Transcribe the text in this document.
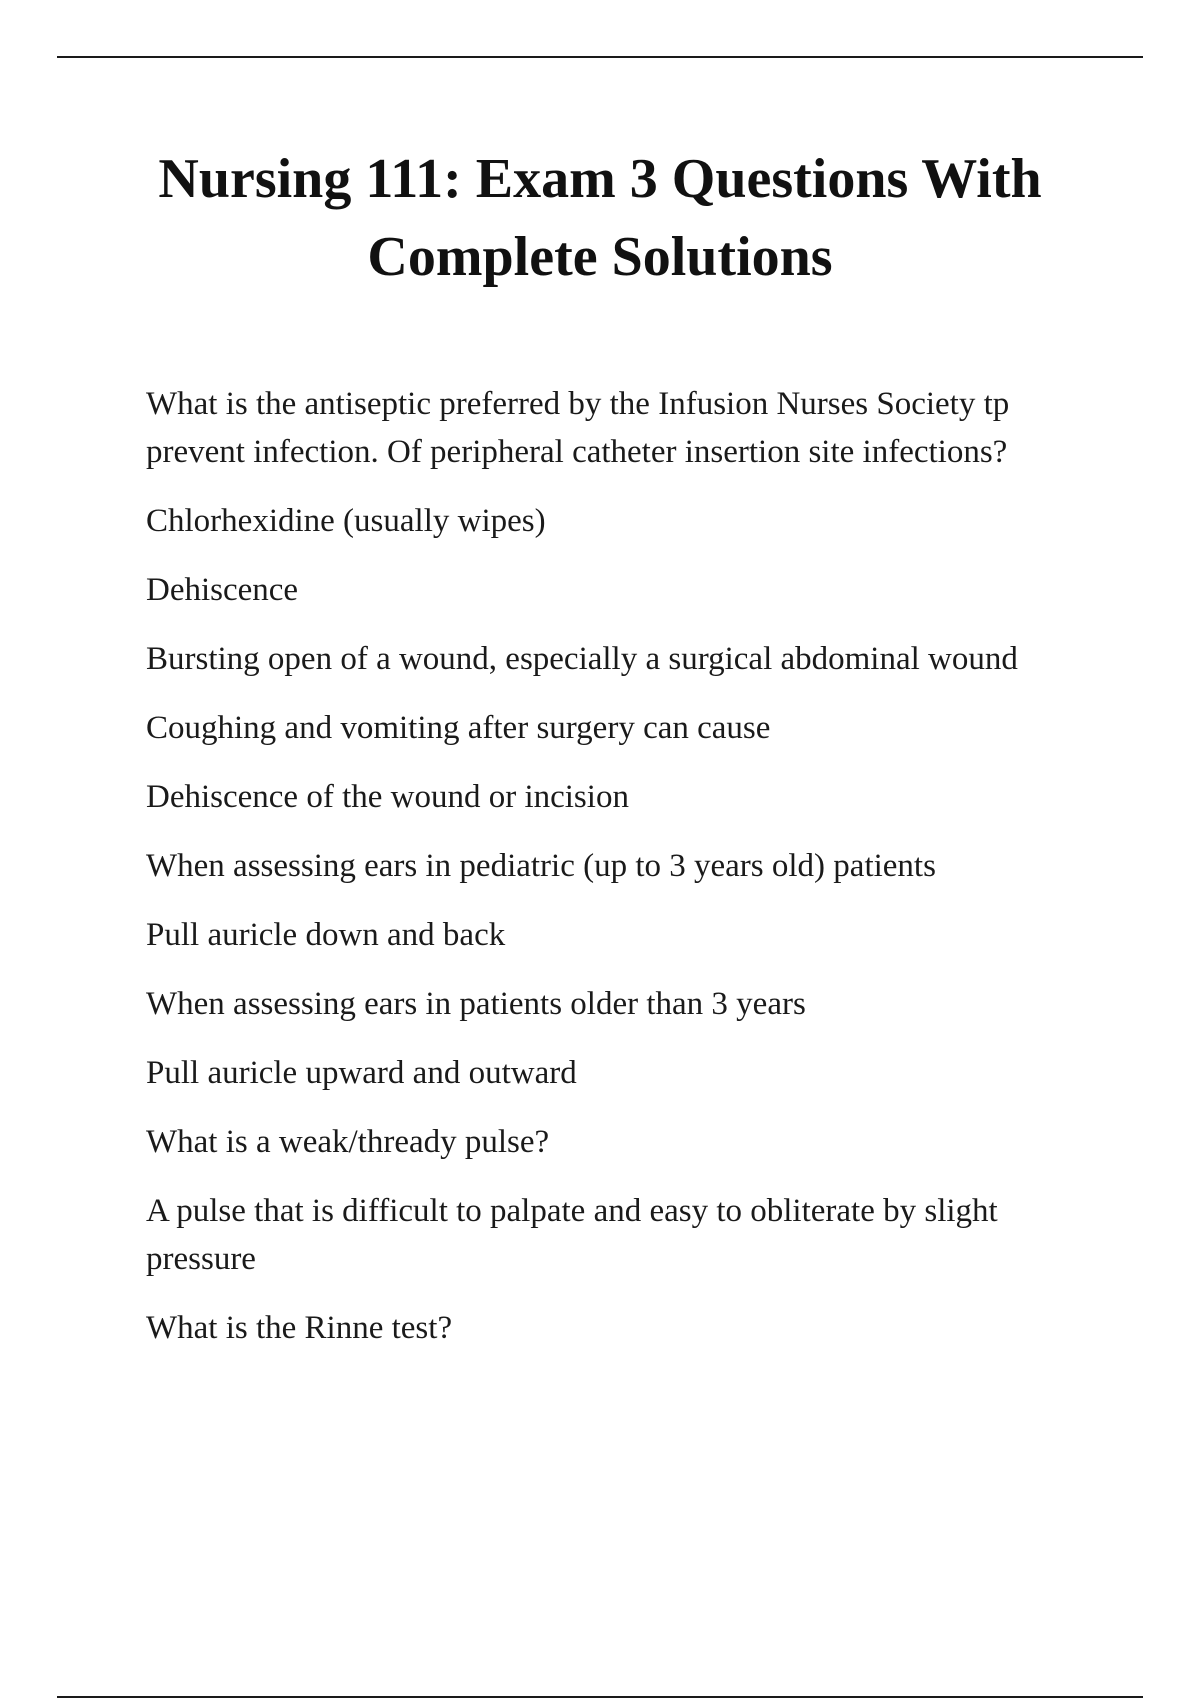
Nursing 111: Exam 3 Questions With
Complete Solutions

What is the antiseptic preferred by the Infusion Nurses Society tp prevent infection. Of peripheral catheter insertion site infections?

Chlorhexidine (usually wipes)

Dehiscence

Bursting open of a wound, especially a surgical abdominal wound

Coughing and vomiting after surgery can cause

Dehiscence of the wound or incision

When assessing ears in pediatric (up to 3 years old) patients

Pull auricle down and back

When assessing ears in patients older than 3 years

Pull auricle upward and outward

What is a weak/thready pulse?

A pulse that is difficult to palpate and easy to obliterate by slight pressure

What is the Rinne test?
